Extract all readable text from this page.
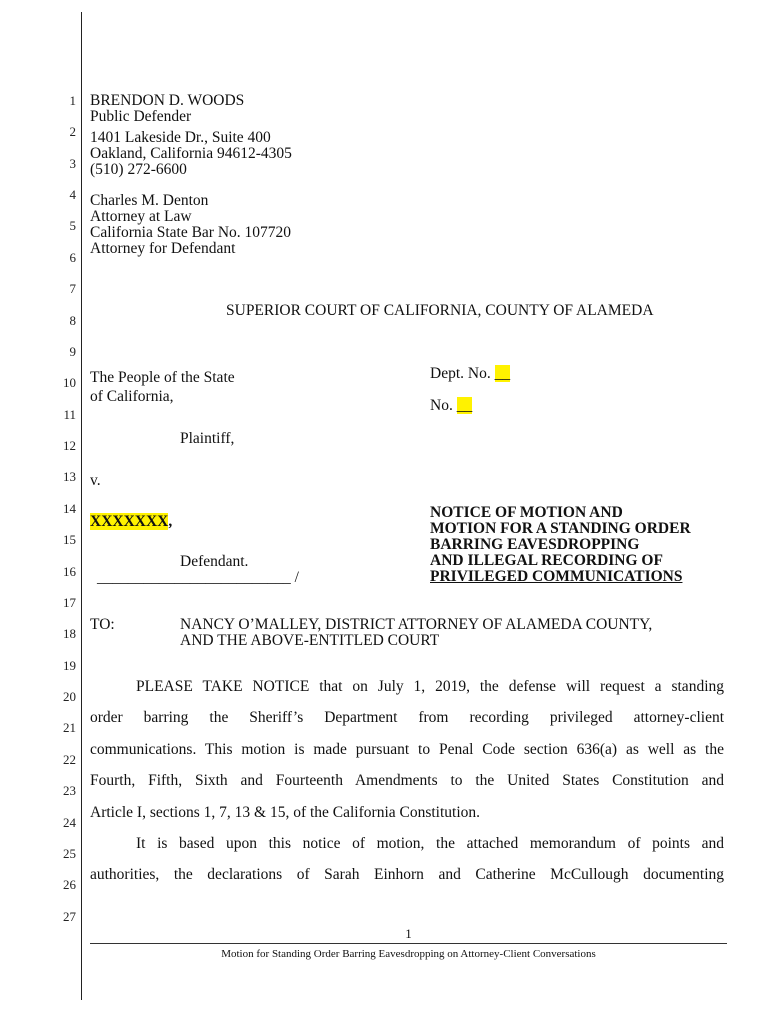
1
2
3
4
5
6
7
8
9
10
11
12
13
14
15
16
17
18
19
20
21
22
23
24
25
26
27
BRENDON D. WOODS
Public Defender
1401 Lakeside Dr., Suite 400
Oakland, California 94612-4305
(510) 272-6600
Charles M. Denton
Attorney at Law
California State Bar No. 107720
Attorney for Defendant
SUPERIOR COURT OF CALIFORNIA, COUNTY OF ALAMEDA
The People of the State
of California,
Plaintiff,
v.
XXXXXXX,
Defendant.
_________________________ /
Dept. No. __
No. __
NOTICE OF MOTION AND
MOTION FOR A STANDING ORDER
BARRING EAVESDROPPING
AND ILLEGAL RECORDING OF
PRIVILEGED COMMUNICATIONS
TO:	NANCY O’MALLEY, DISTRICT ATTORNEY OF ALAMEDA COUNTY,
AND THE ABOVE-ENTITLED COURT
PLEASE TAKE NOTICE that on July 1, 2019, the defense will request a standing
order barring the Sheriff’s Department from recording privileged attorney-client
communications. This motion is made pursuant to Penal Code section 636(a) as well as the
Fourth, Fifth, Sixth and Fourteenth Amendments to the United States Constitution and
Article I, sections 1, 7, 13 & 15, of the California Constitution.
It is based upon this notice of motion, the attached memorandum of points and
authorities, the declarations of Sarah Einhorn and Catherine McCullough documenting
1
Motion for Standing Order Barring Eavesdropping on Attorney-Client Conversations
